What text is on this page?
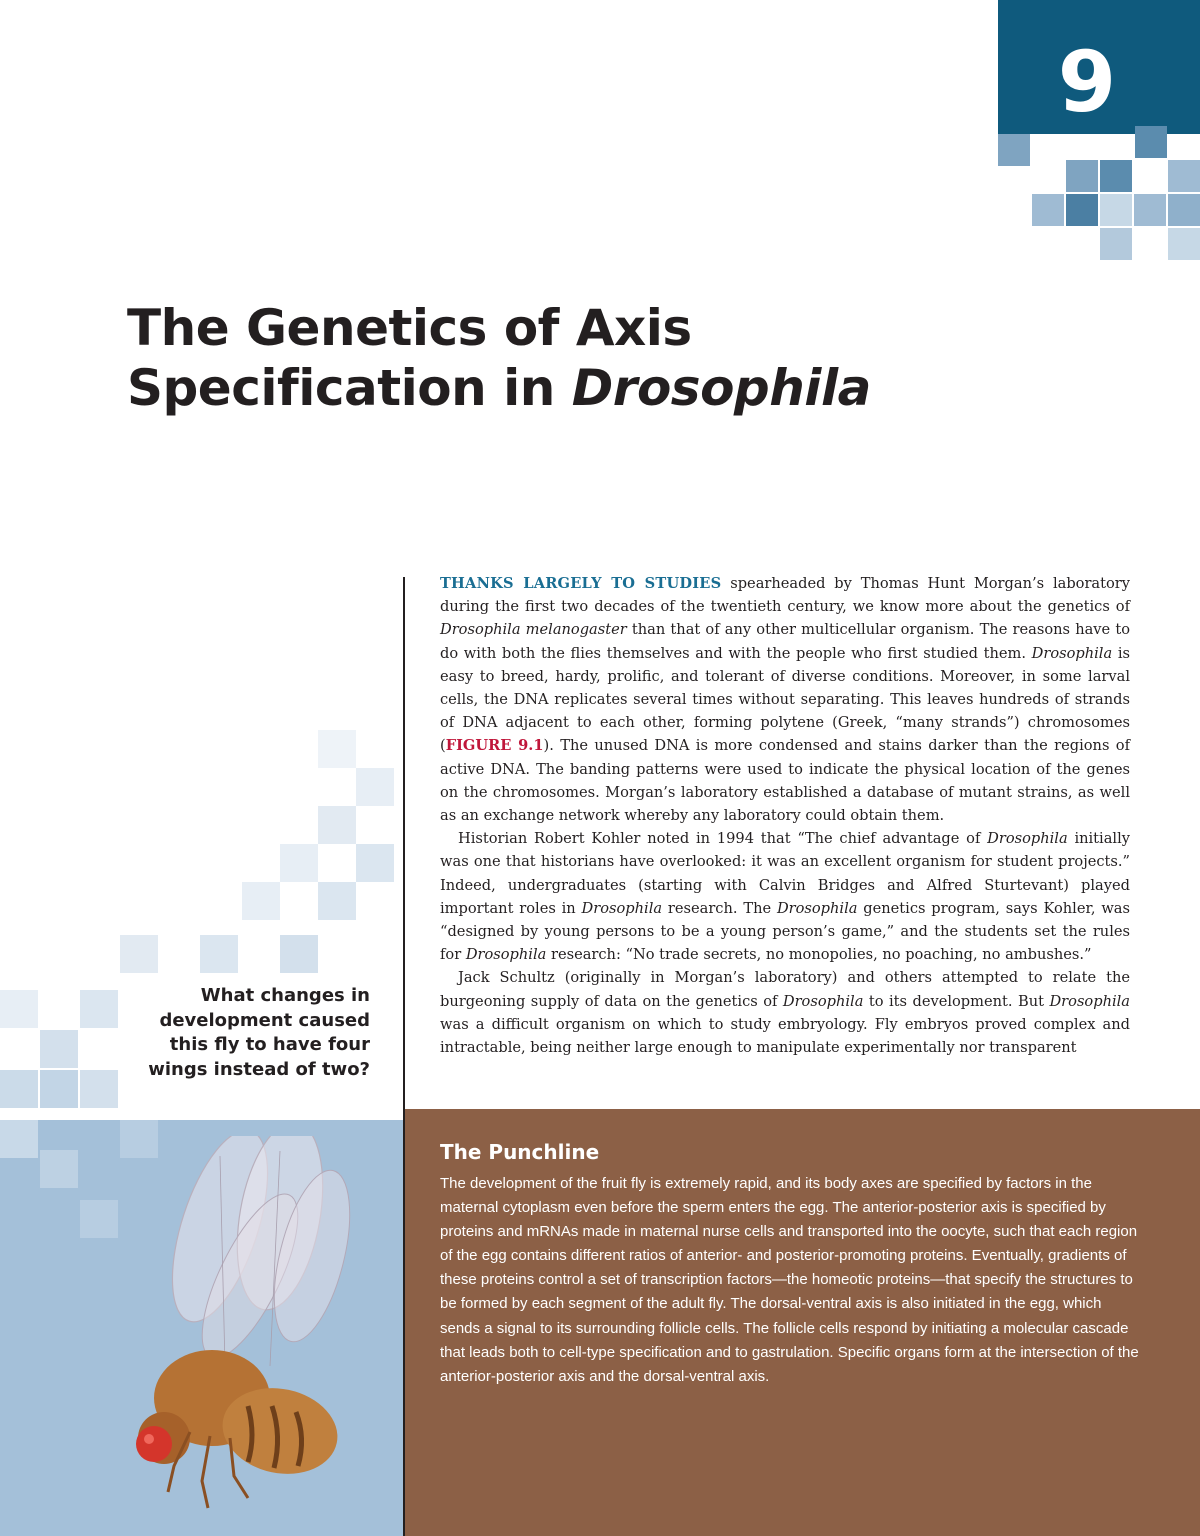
9
The Genetics of Axis
Specification in Drosophila
What changes in development caused this fly to have four wings instead of two?

THANKS LARGELY TO STUDIES spearheaded by Thomas Hunt Morgan’s laboratory during the first two decades of the twentieth century, we know more about the genetics of Drosophila melanogaster than that of any other multicellular organism. The reasons have to do with both the flies themselves and with the people who first studied them. Drosophila is easy to breed, hardy, prolific, and tolerant of diverse conditions. Moreover, in some larval cells, the DNA replicates several times without separating. This leaves hundreds of strands of DNA adjacent to each other, forming polytene (Greek, “many strands”) chromosomes (FIGURE 9.1). The unused DNA is more condensed and stains darker than the regions of active DNA. The banding patterns were used to indicate the physical location of the genes on the chromosomes. Morgan’s laboratory established a database of mutant strains, as well as an exchange network whereby any laboratory could obtain them.

Historian Robert Kohler noted in 1994 that “The chief advantage of Drosophila initially was one that historians have overlooked: it was an excellent organism for student projects.” Indeed, undergraduates (starting with Calvin Bridges and Alfred Sturtevant) played important roles in Drosophila research. The Drosophila genetics program, says Kohler, was “designed by young persons to be a young person’s game,” and the students set the rules for Drosophila research: “No trade secrets, no monopolies, no poaching, no ambushes.”

Jack Schultz (originally in Morgan’s laboratory) and others attempted to relate the burgeoning supply of data on the genetics of Drosophila to its development. But Drosophila was a difficult organism on which to study embryology. Fly embryos proved complex and intractable, being neither large enough to manipulate experimentally nor transparent

The Punchline
The development of the fruit fly is extremely rapid, and its body axes are specified by factors in the maternal cytoplasm even before the sperm enters the egg. The anterior-posterior axis is specified by proteins and mRNAs made in maternal nurse cells and transported into the oocyte, such that each region of the egg contains different ratios of anterior- and posterior-promoting proteins. Eventually, gradients of these proteins control a set of transcription factors—the homeotic proteins—that specify the structures to be formed by each segment of the adult fly. The dorsal-ventral axis is also initiated in the egg, which sends a signal to its surrounding follicle cells. The follicle cells respond by initiating a molecular cascade that leads both to cell-type specification and to gastrulation. Specific organs form at the intersection of the anterior-posterior axis and the dorsal-ventral axis.
